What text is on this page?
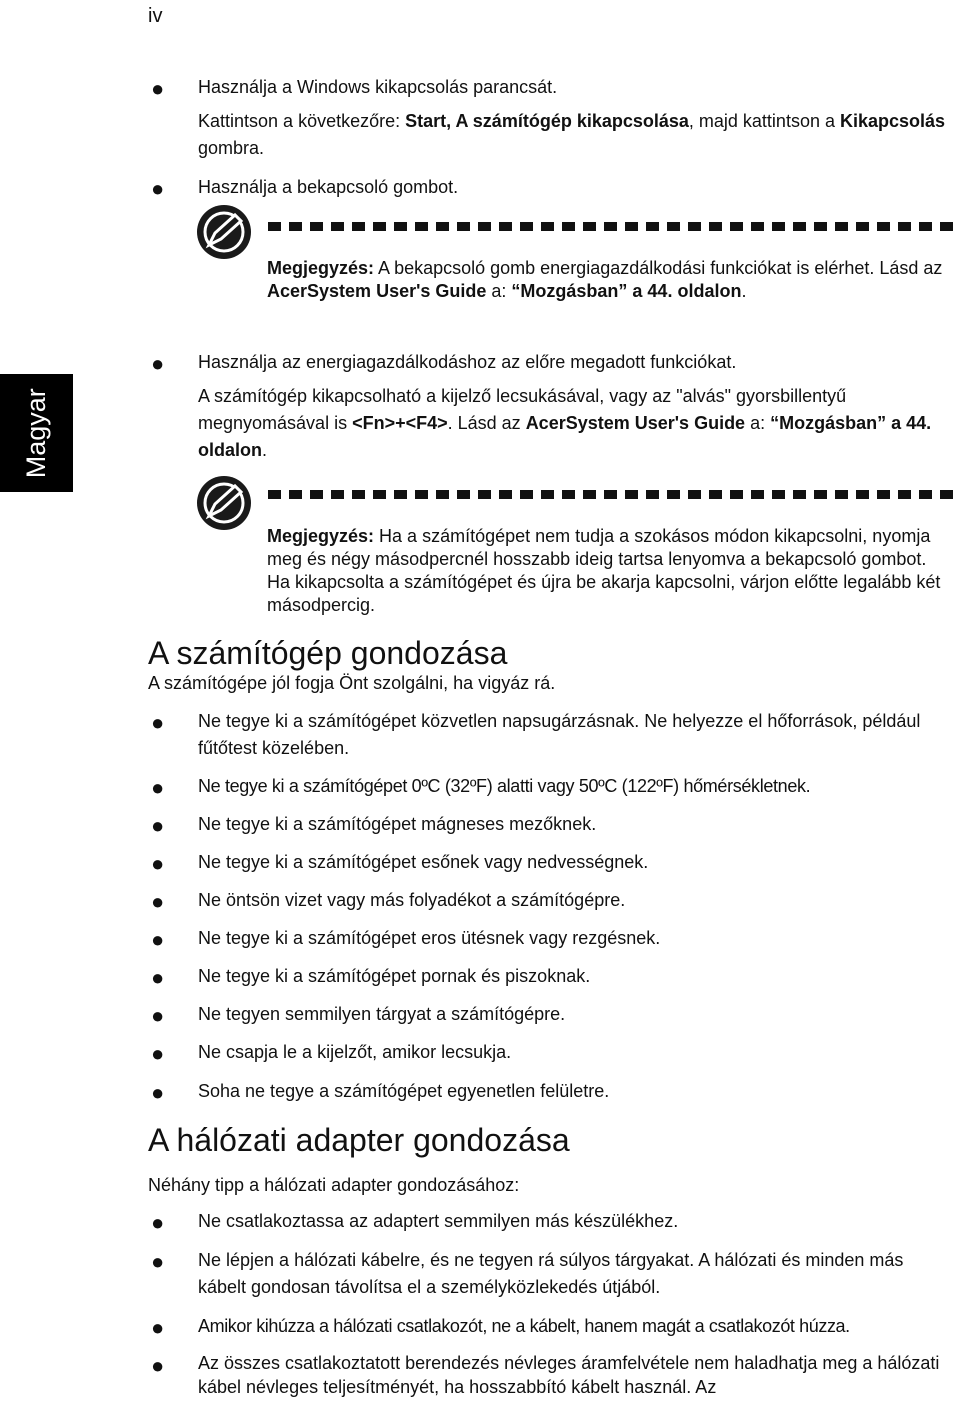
iv
Magyar
● Használja a Windows kikapcsolás parancsát.
Kattintson a következőre: Start, A számítógép kikapcsolása, majd kattintson a Kikapcsolás gombra.
● Használja a bekapcsoló gombot.
Megjegyzés: A bekapcsoló gomb energiagazdálkodási funkciókat is elérhet. Lásd az AcerSystem User's Guide a: “Mozgásban” a 44. oldalon.
● Használja az energiagazdálkodáshoz az előre megadott funkciókat.
A számítógép kikapcsolható a kijelző lecsukásával, vagy az "alvás" gyorsbillentyű megnyomásával is <Fn>+<F4>. Lásd az AcerSystem User's Guide a: “Mozgásban” a 44. oldalon.
Megjegyzés: Ha a számítógépet nem tudja a szokásos módon kikapcsolni, nyomja meg és négy másodpercnél hosszabb ideig tartsa lenyomva a bekapcsoló gombot. Ha kikapcsolta a számítógépet és újra be akarja kapcsolni, várjon előtte legalább két másodpercig.
A számítógép gondozása
A számítógépe jól fogja Önt szolgálni, ha vigyáz rá.
● Ne tegye ki a számítógépet közvetlen napsugárzásnak. Ne helyezze el hőforrások, például fűtőtest közelében.
● Ne tegye ki a számítógépet 0ºC (32ºF) alatti vagy 50ºC (122ºF) hőmérsékletnek.
● Ne tegye ki a számítógépet mágneses mezőknek.
● Ne tegye ki a számítógépet esőnek vagy nedvességnek.
● Ne öntsön vizet vagy más folyadékot a számítógépre.
● Ne tegye ki a számítógépet eros ütésnek vagy rezgésnek.
● Ne tegye ki a számítógépet pornak és piszoknak.
● Ne tegyen semmilyen tárgyat a számítógépre.
● Ne csapja le a kijelzőt, amikor lecsukja.
● Soha ne tegye a számítógépet egyenetlen felületre.
A hálózati adapter gondozása
Néhány tipp a hálózati adapter gondozásához:
● Ne csatlakoztassa az adaptert semmilyen más készülékhez.
● Ne lépjen a hálózati kábelre, és ne tegyen rá súlyos tárgyakat. A hálózati és minden más kábelt gondosan távolítsa el a személyközlekedés útjából.
● Amikor kihúzza a hálózati csatlakozót, ne a kábelt, hanem magát a csatlakozót húzza.
● Az összes csatlakoztatott berendezés névleges áramfelvétele nem haladhatja meg a hálózati kábel névleges teljesítményét, ha hosszabbító kábelt használ. Az
